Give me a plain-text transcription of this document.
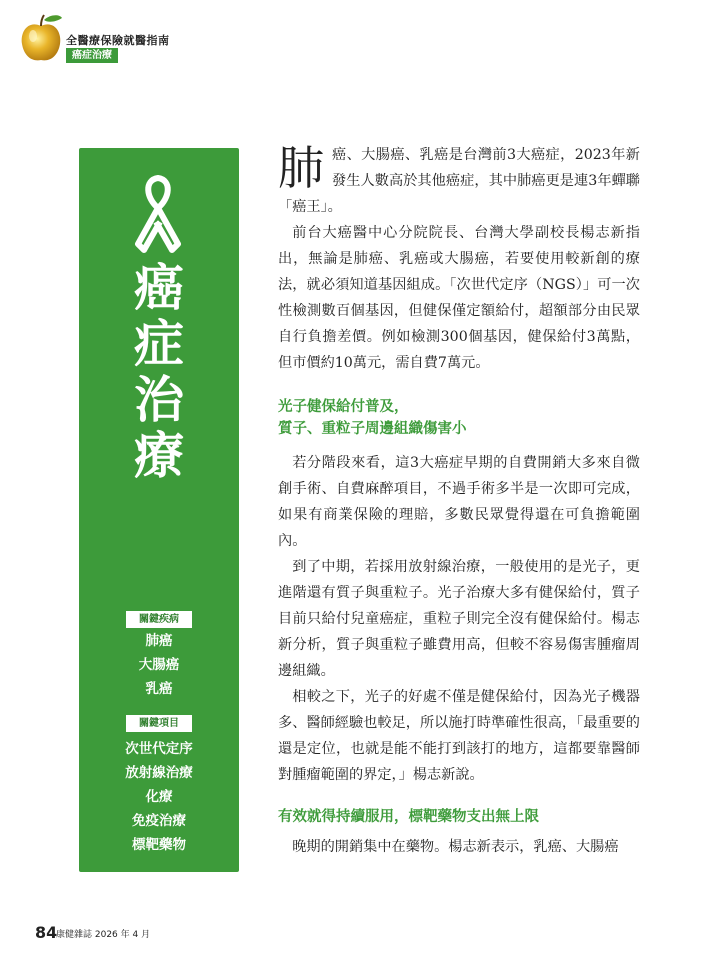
全醫療保險就醫指南
癌症治療
癌
症
治
療
關鍵疾病
肺癌
大腸癌
乳癌
關鍵項目
次世代定序
放射線治療
化療
免疫治療
標靶藥物

肺癌、大腸癌、乳癌是台灣前3大癌症，2023年新發生人數高於其他癌症，其中肺癌更是連3年蟬聯「癌王」。

前台大癌醫中心分院院長、台灣大學副校長楊志新指出，無論是肺癌、乳癌或大腸癌，若要使用較新創的療法，就必須知道基因組成。「次世代定序（NGS）」可一次性檢測數百個基因，但健保僅定額給付，超額部分由民眾自行負擔差價。例如檢測300個基因，健保給付3萬點，但市價約10萬元，需自費7萬元。

光子健保給付普及，
質子、重粒子周邊組織傷害小

若分階段來看，這3大癌症早期的自費開銷大多來自微創手術、自費麻醉項目，不過手術多半是一次即可完成，如果有商業保險的理賠，多數民眾覺得還在可負擔範圍內。

到了中期，若採用放射線治療，一般使用的是光子，更進階還有質子與重粒子。光子治療大多有健保給付，質子目前只給付兒童癌症，重粒子則完全沒有健保給付。楊志新分析，質子與重粒子雖費用高，但較不容易傷害腫瘤周邊組織。

相較之下，光子的好處不僅是健保給付，因為光子機器多、醫師經驗也較足，所以施打時準確性很高，「最重要的還是定位，也就是能不能打到該打的地方，這都要靠醫師對腫瘤範圍的界定，」楊志新說。

有效就得持續服用，標靶藥物支出無上限

晚期的開銷集中在藥物。楊志新表示，乳癌、大腸癌

84
康健雜誌 2026 年 4 月
